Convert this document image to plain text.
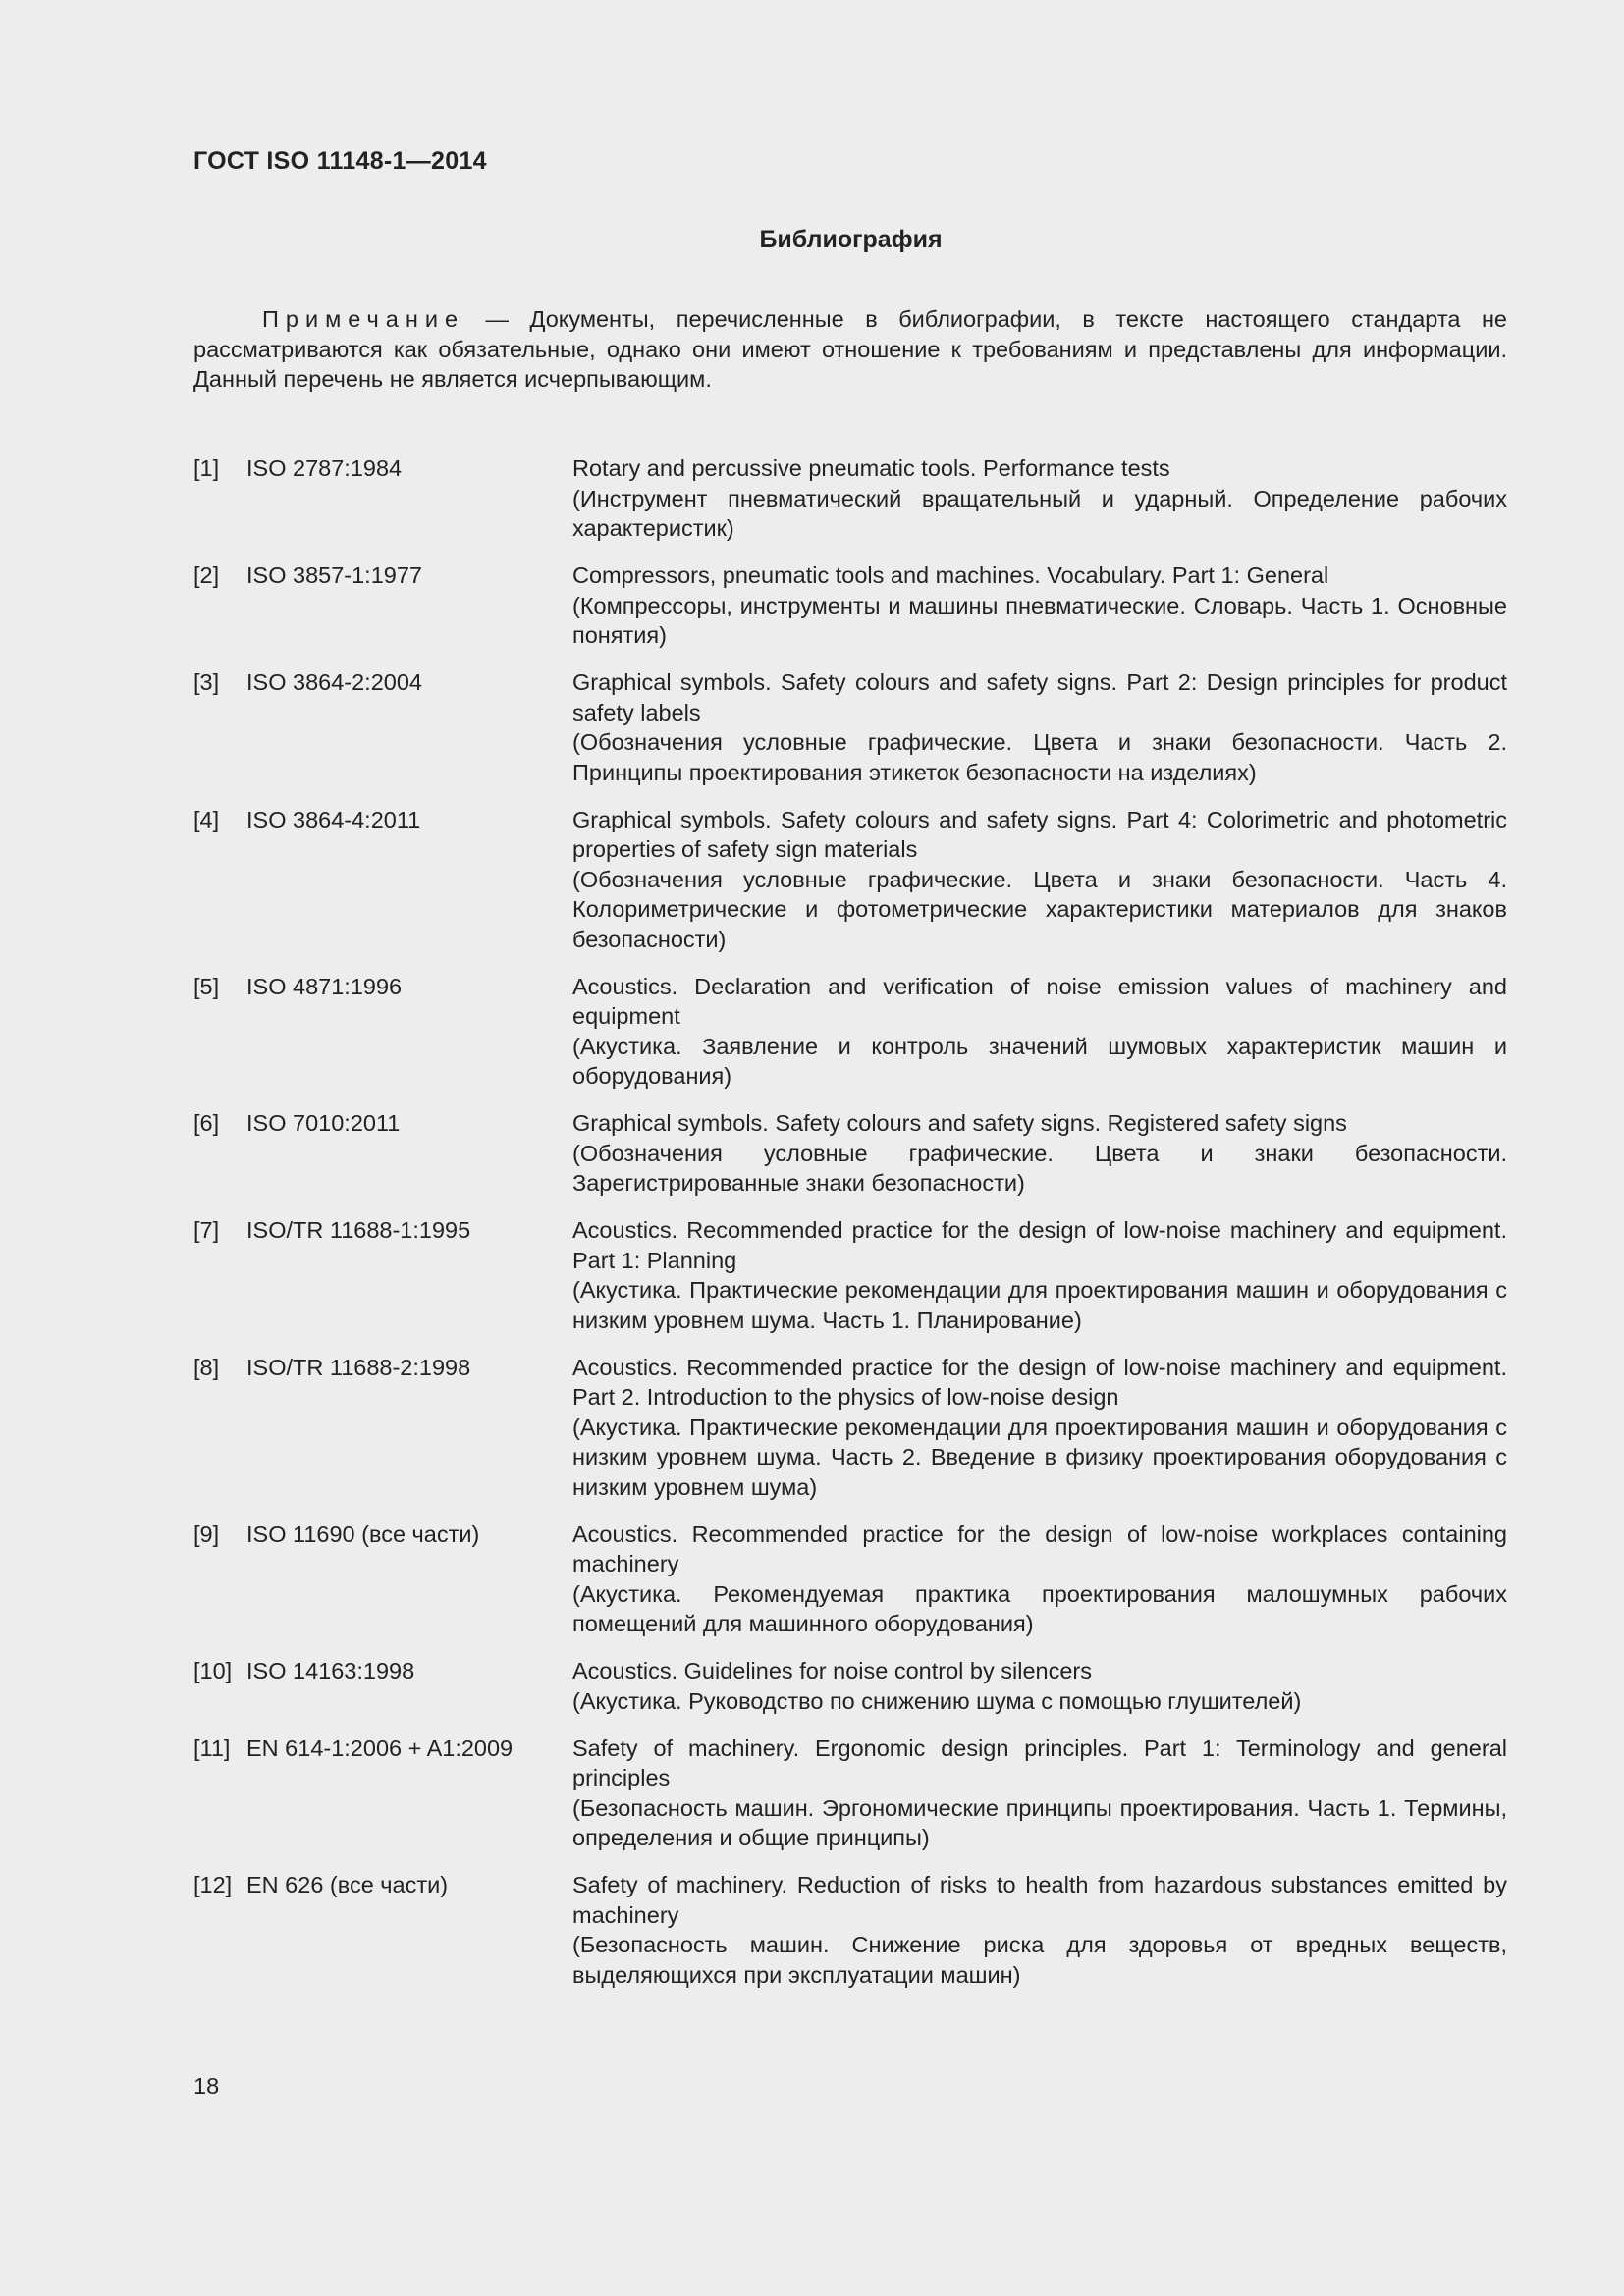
ГОСТ ISO 11148-1—2014
Библиография

Примечание — Документы, перечисленные в библиографии, в тексте настоящего стандарта не рассматриваются как обязательные, однако они имеют отношение к требованиям и представлены для информации. Данный перечень не является исчерпывающим.

[1] ISO 2787:1984	Rotary and percussive pneumatic tools. Performance tests

(Инструмент пневматический вращательный и ударный. Определение рабочих характеристик)

[2] ISO 3857-1:1977	Compressors, pneumatic tools and machines. Vocabulary. Part 1: General

(Компрессоры, инструменты и машины пневматические. Словарь. Часть 1. Основные понятия)

[3] ISO 3864-2:2004	Graphical symbols. Safety colours and safety signs. Part 2: Design principles for product safety labels

(Обозначения условные графические. Цвета и знаки безопасности. Часть 2. Принципы проектирования этикеток безопасности на изделиях)

[4] ISO 3864-4:2011	Graphical symbols. Safety colours and safety signs. Part 4: Colorimetric and photometric properties of safety sign materials

(Обозначения условные графические. Цвета и знаки безопасности. Часть 4. Колориметрические и фотометрические характеристики материалов для знаков безопасности)

[5] ISO 4871:1996	Acoustics. Declaration and verification of noise emission values of machinery and equipment

(Акустика. Заявление и контроль значений шумовых характеристик машин и оборудования)

[6] ISO 7010:2011	Graphical symbols. Safety colours and safety signs. Registered safety signs

(Обозначения условные графические. Цвета и знаки безопасности. Зарегистрированные знаки безопасности)

[7] ISO/TR 11688-1:1995	Acoustics. Recommended practice for the design of low-noise machinery and equipment. Part 1: Planning

(Акустика. Практические рекомендации для проектирования машин и оборудования с низким уровнем шума. Часть 1. Планирование)

[8] ISO/TR 11688-2:1998	Acoustics. Recommended practice for the design of low-noise machinery and equipment. Part 2. Introduction to the physics of low-noise design

(Акустика. Практические рекомендации для проектирования машин и оборудования с низким уровнем шума. Часть 2. Введение в физику проектирования оборудования с низким уровнем шума)

[9] ISO 11690 (все части)	Acoustics. Recommended practice for the design of low-noise workplaces containing machinery

(Акустика. Рекомендуемая практика проектирования малошумных рабочих помещений для машинного оборудования)

[10] ISO 14163:1998	Acoustics. Guidelines for noise control by silencers

(Акустика. Руководство по снижению шума с помощью глушителей)

[11] EN 614-1:2006 + A1:2009	Safety of machinery. Ergonomic design principles. Part 1: Terminology and general principles

(Безопасность машин. Эргономические принципы проектирования. Часть 1. Термины, определения и общие принципы)

[12] EN 626 (все части)	Safety of machinery. Reduction of risks to health from hazardous substances emitted by machinery

(Безопасность машин. Снижение риска для здоровья от вредных веществ, выделяющихся при эксплуатации машин)

18
